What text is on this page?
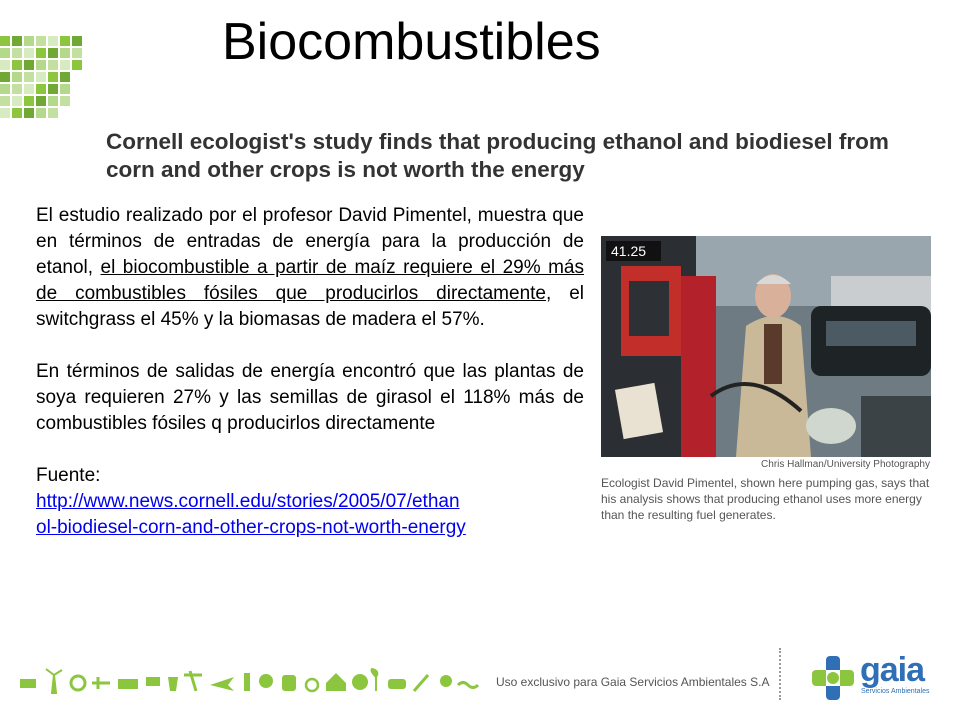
Biocombustibles
Cornell ecologist's study finds that producing ethanol and biodiesel from corn and other crops is not worth the energy

El estudio realizado por el profesor David Pimentel, muestra que en términos de entradas de energía para la producción de etanol, el biocombustible a partir de maíz requiere el 29% más de combustibles fósiles que producirlos directamente, el switchgrass el 45% y la biomasas de madera el 57%.

En términos de salidas de energía encontró que las plantas de soya requieren 27% y las semillas de girasol el 118% más de combustibles fósiles q producirlos directamente

Fuente:

http://www.news.cornell.edu/stories/2005/07/ethan
ol-biodiesel-corn-and-other-crops-not-worth-energy
41.25
Chris Hallman/University Photography
Ecologist David Pimentel, shown here pumping gas, says that his analysis shows that producing ethanol uses more energy than the resulting fuel generates.
Uso exclusivo para Gaia Servicios Ambientales S.A	gaia
Servicios Ambientales
